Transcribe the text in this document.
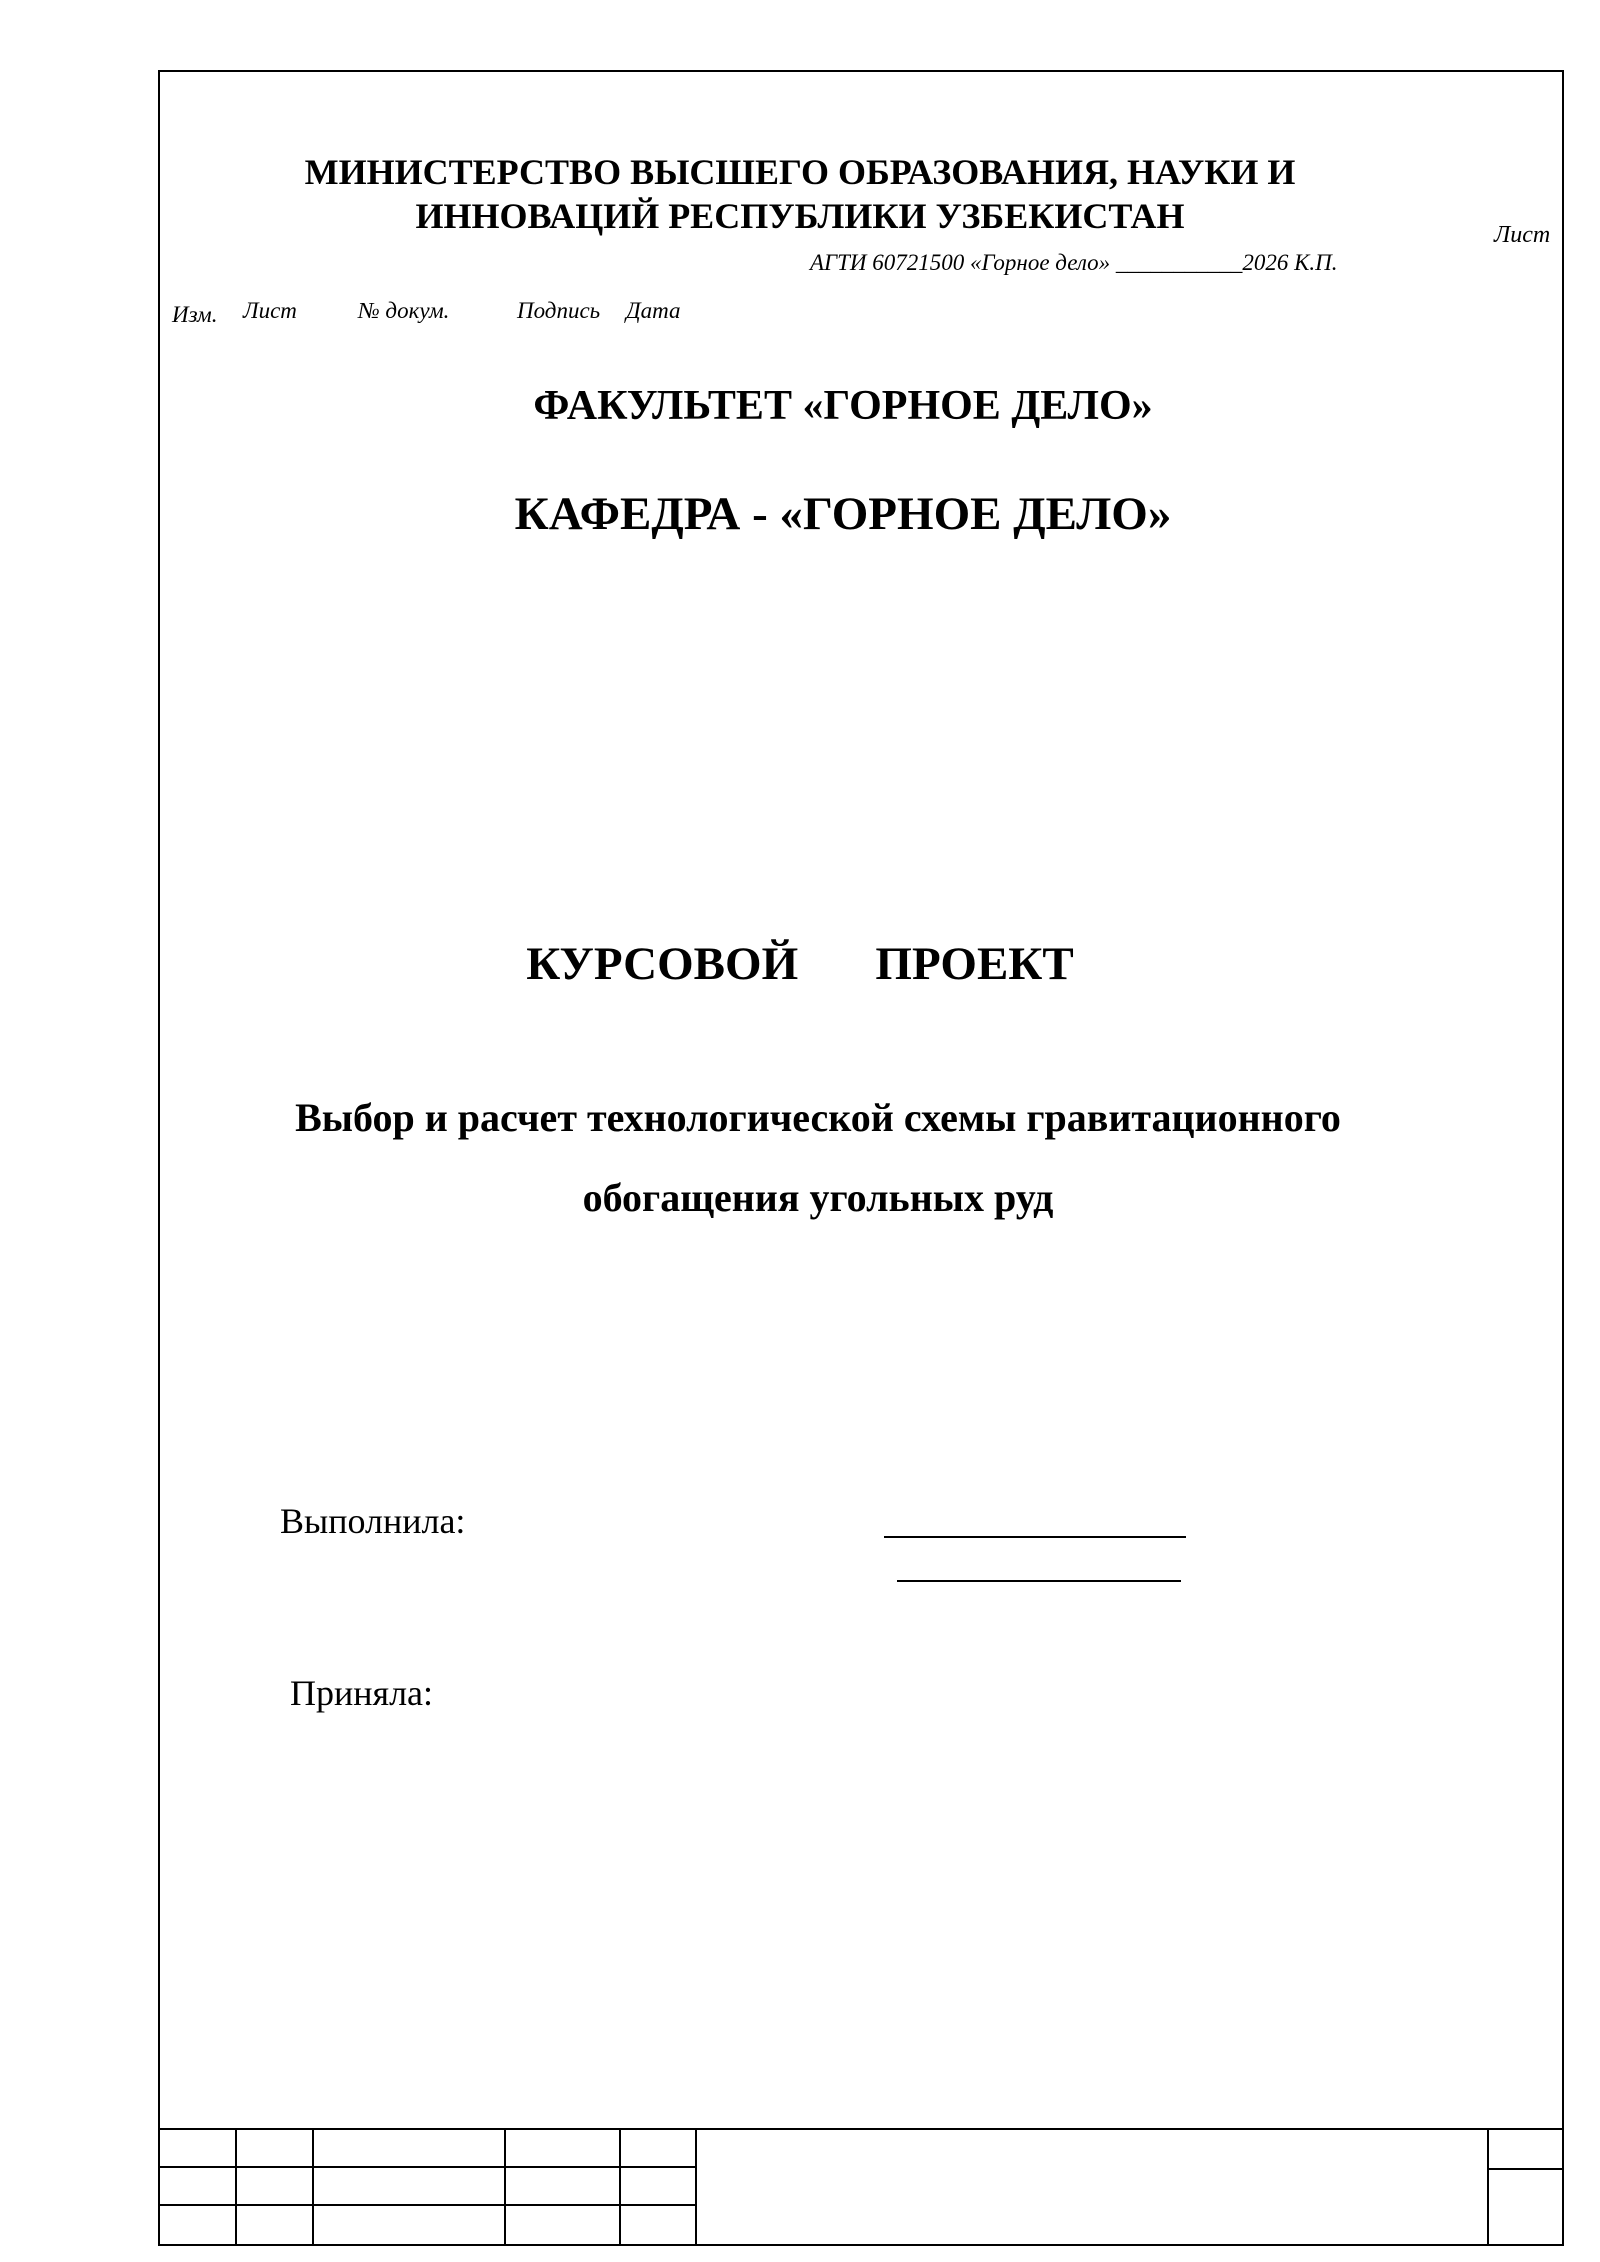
МИНИСТЕРСТВО ВЫСШЕГО ОБРАЗОВАНИЯ, НАУКИ И
ИННОВАЦИЙ РЕСПУБЛИКИ УЗБЕКИСТАН	Лист
АГТИ 60721500 «Горное дело» ___________2026 К.П.
Изм. Лист	№ докум.	Подпись Дата
ФАКУЛЬТЕТ «ГОРНОЕ ДЕЛО»
КАФЕДРА - «ГОРНОЕ ДЕЛО»
КУРСОВОЙ   ПРОЕКТ
Выбор и расчет технологической схемы гравитационного
обогащения угольных руд
Выполнила:
Приняла:
